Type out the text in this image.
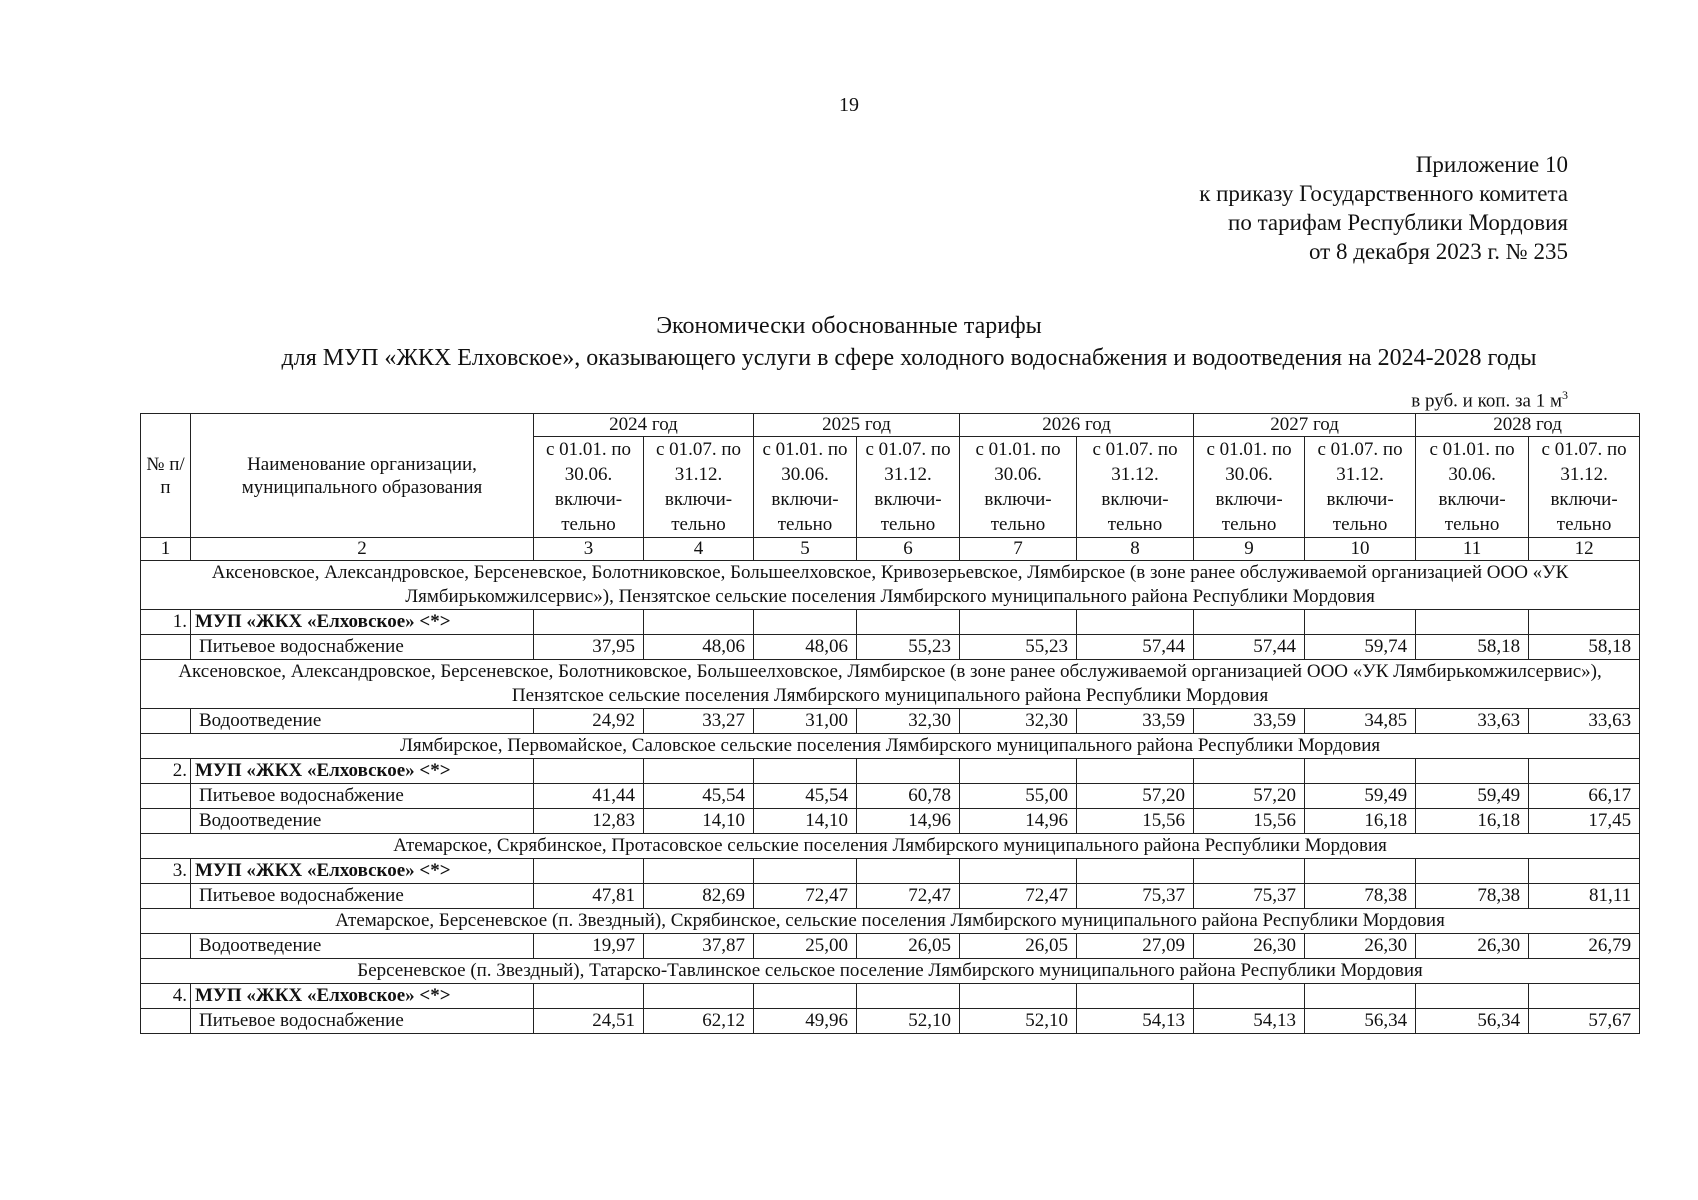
19
Приложение 10
к приказу Государственного комитета
по тарифам Республики Мордовия
от 8 декабря 2023 г. № 235
Экономически обоснованные тарифы
для МУП «ЖКХ Елховское», оказывающего услуги в сфере холодного водоснабжения и водоотведения на 2024-2028 годы
в руб. и коп. за 1 $м^3$
№ п/п	Наименование организации, муниципального образования	2024 год		2025 год		2026 год		2027 год		2028 год	
		с 01.01. по 30.06. включи- тельно	с 01.07. по 31.12. включи- тельно	с 01.01. по 30.06. включи- тельно	с 01.07. по 31.12. включи- тельно	с 01.01. по 30.06. включи- тельно	с 01.07. по 31.12. включи- тельно	с 01.01. по 30.06. включи- тельно	с 01.07. по 31.12. включи- тельно	с 01.01. по 30.06. включи- тельно	с 01.07. по 31.12. включи- тельно
1	2	3	4	5	6	7	8	9	10	11	12
Аксеновское, Александровское, Берсеневское, Болотниковское, Большеелховское, Кривозерьевское, Лямбирское (в зоне ранее обслуживаемой организацией ООО «УК Лямбирькомжилсервис»), Пензятское сельские поселения Лямбирского муниципального района Республики Мордовия											
1.	МУП «ЖКХ «Елховское» <*>										
	Питьевое водоснабжение	37,95	48,06	48,06	55,23	55,23	57,44	57,44	59,74	58,18	58,18
Аксеновское, Александровское, Берсеневское, Болотниковское, Большеелховское, Лямбирское (в зоне ранее обслуживаемой организацией ООО «УК Лямбирькомжилсервис»), Пензятское сельские поселения Лямбирского муниципального района Республики Мордовия											
	Водоотведение	24,92	33,27	31,00	32,30	32,30	33,59	33,59	34,85	33,63	33,63
Лямбирское, Первомайское, Саловское сельские поселения Лямбирского муниципального района Республики Мордовия											
2.	МУП «ЖКХ «Елховское» <*>										
	Питьевое водоснабжение	41,44	45,54	45,54	60,78	55,00	57,20	57,20	59,49	59,49	66,17
	Водоотведение	12,83	14,10	14,10	14,96	14,96	15,56	15,56	16,18	16,18	17,45
Атемарское, Скрябинское, Протасовское сельские поселения Лямбирского муниципального района Республики Мордовия											
3.	МУП «ЖКХ «Елховское» <*>										
	Питьевое водоснабжение	47,81	82,69	72,47	72,47	72,47	75,37	75,37	78,38	78,38	81,11
Атемарское, Берсеневское (п. Звездный), Скрябинское, сельские поселения Лямбирского муниципального района Республики Мордовия											
	Водоотведение	19,97	37,87	25,00	26,05	26,05	27,09	26,30	26,30	26,30	26,79
Берсеневское (п. Звездный), Татарско-Тавлинское сельское поселение Лямбирского муниципального района Республики Мордовия											
4.	МУП «ЖКХ «Елховское» <*>										
	Питьевое водоснабжение	24,51	62,12	49,96	52,10	52,10	54,13	54,13	56,34	56,34	57,67
